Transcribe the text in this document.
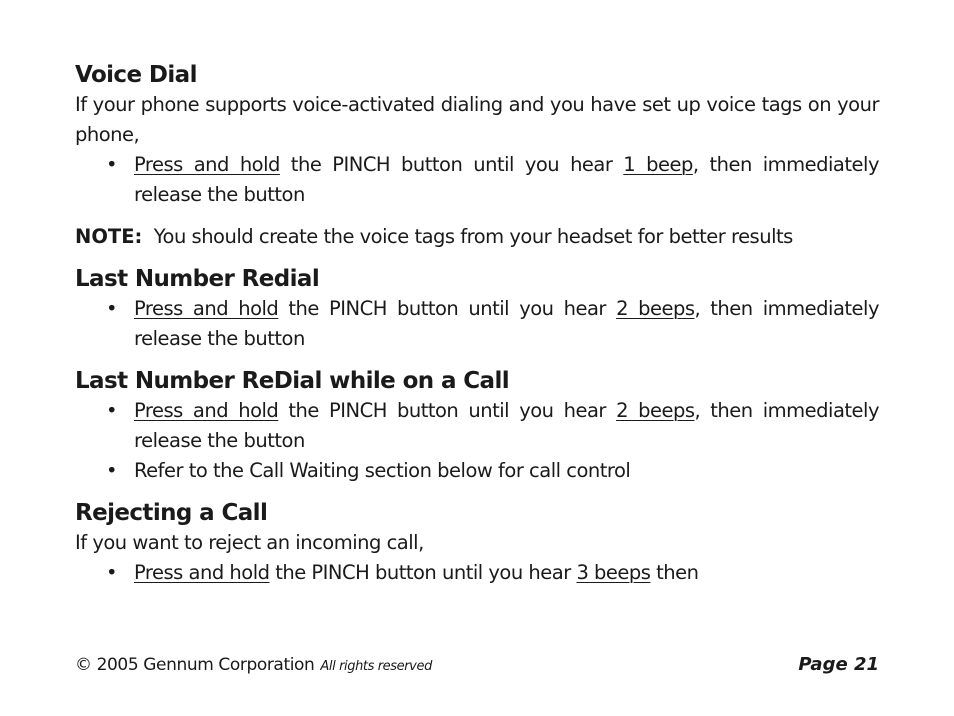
Voice Dial

If your phone supports voice-activated dialing and you have set up voice tags on your phone,

• Press and hold the PINCH button until you hear 1 beep, then immediately release the button

NOTE: You should create the voice tags from your headset for better results

Last Number Redial
• Press and hold the PINCH button until you hear 2 beeps, then immediately release the button
Last Number ReDial while on a Call
• Press and hold the PINCH button until you hear 2 beeps, then immediately release the button
• Refer to the Call Waiting section below for call control
Rejecting a Call

If you want to reject an incoming call,

• Press and hold the PINCH button until you hear 3 beeps then
© 2005 Gennum Corporation All rights reserved	Page 21
